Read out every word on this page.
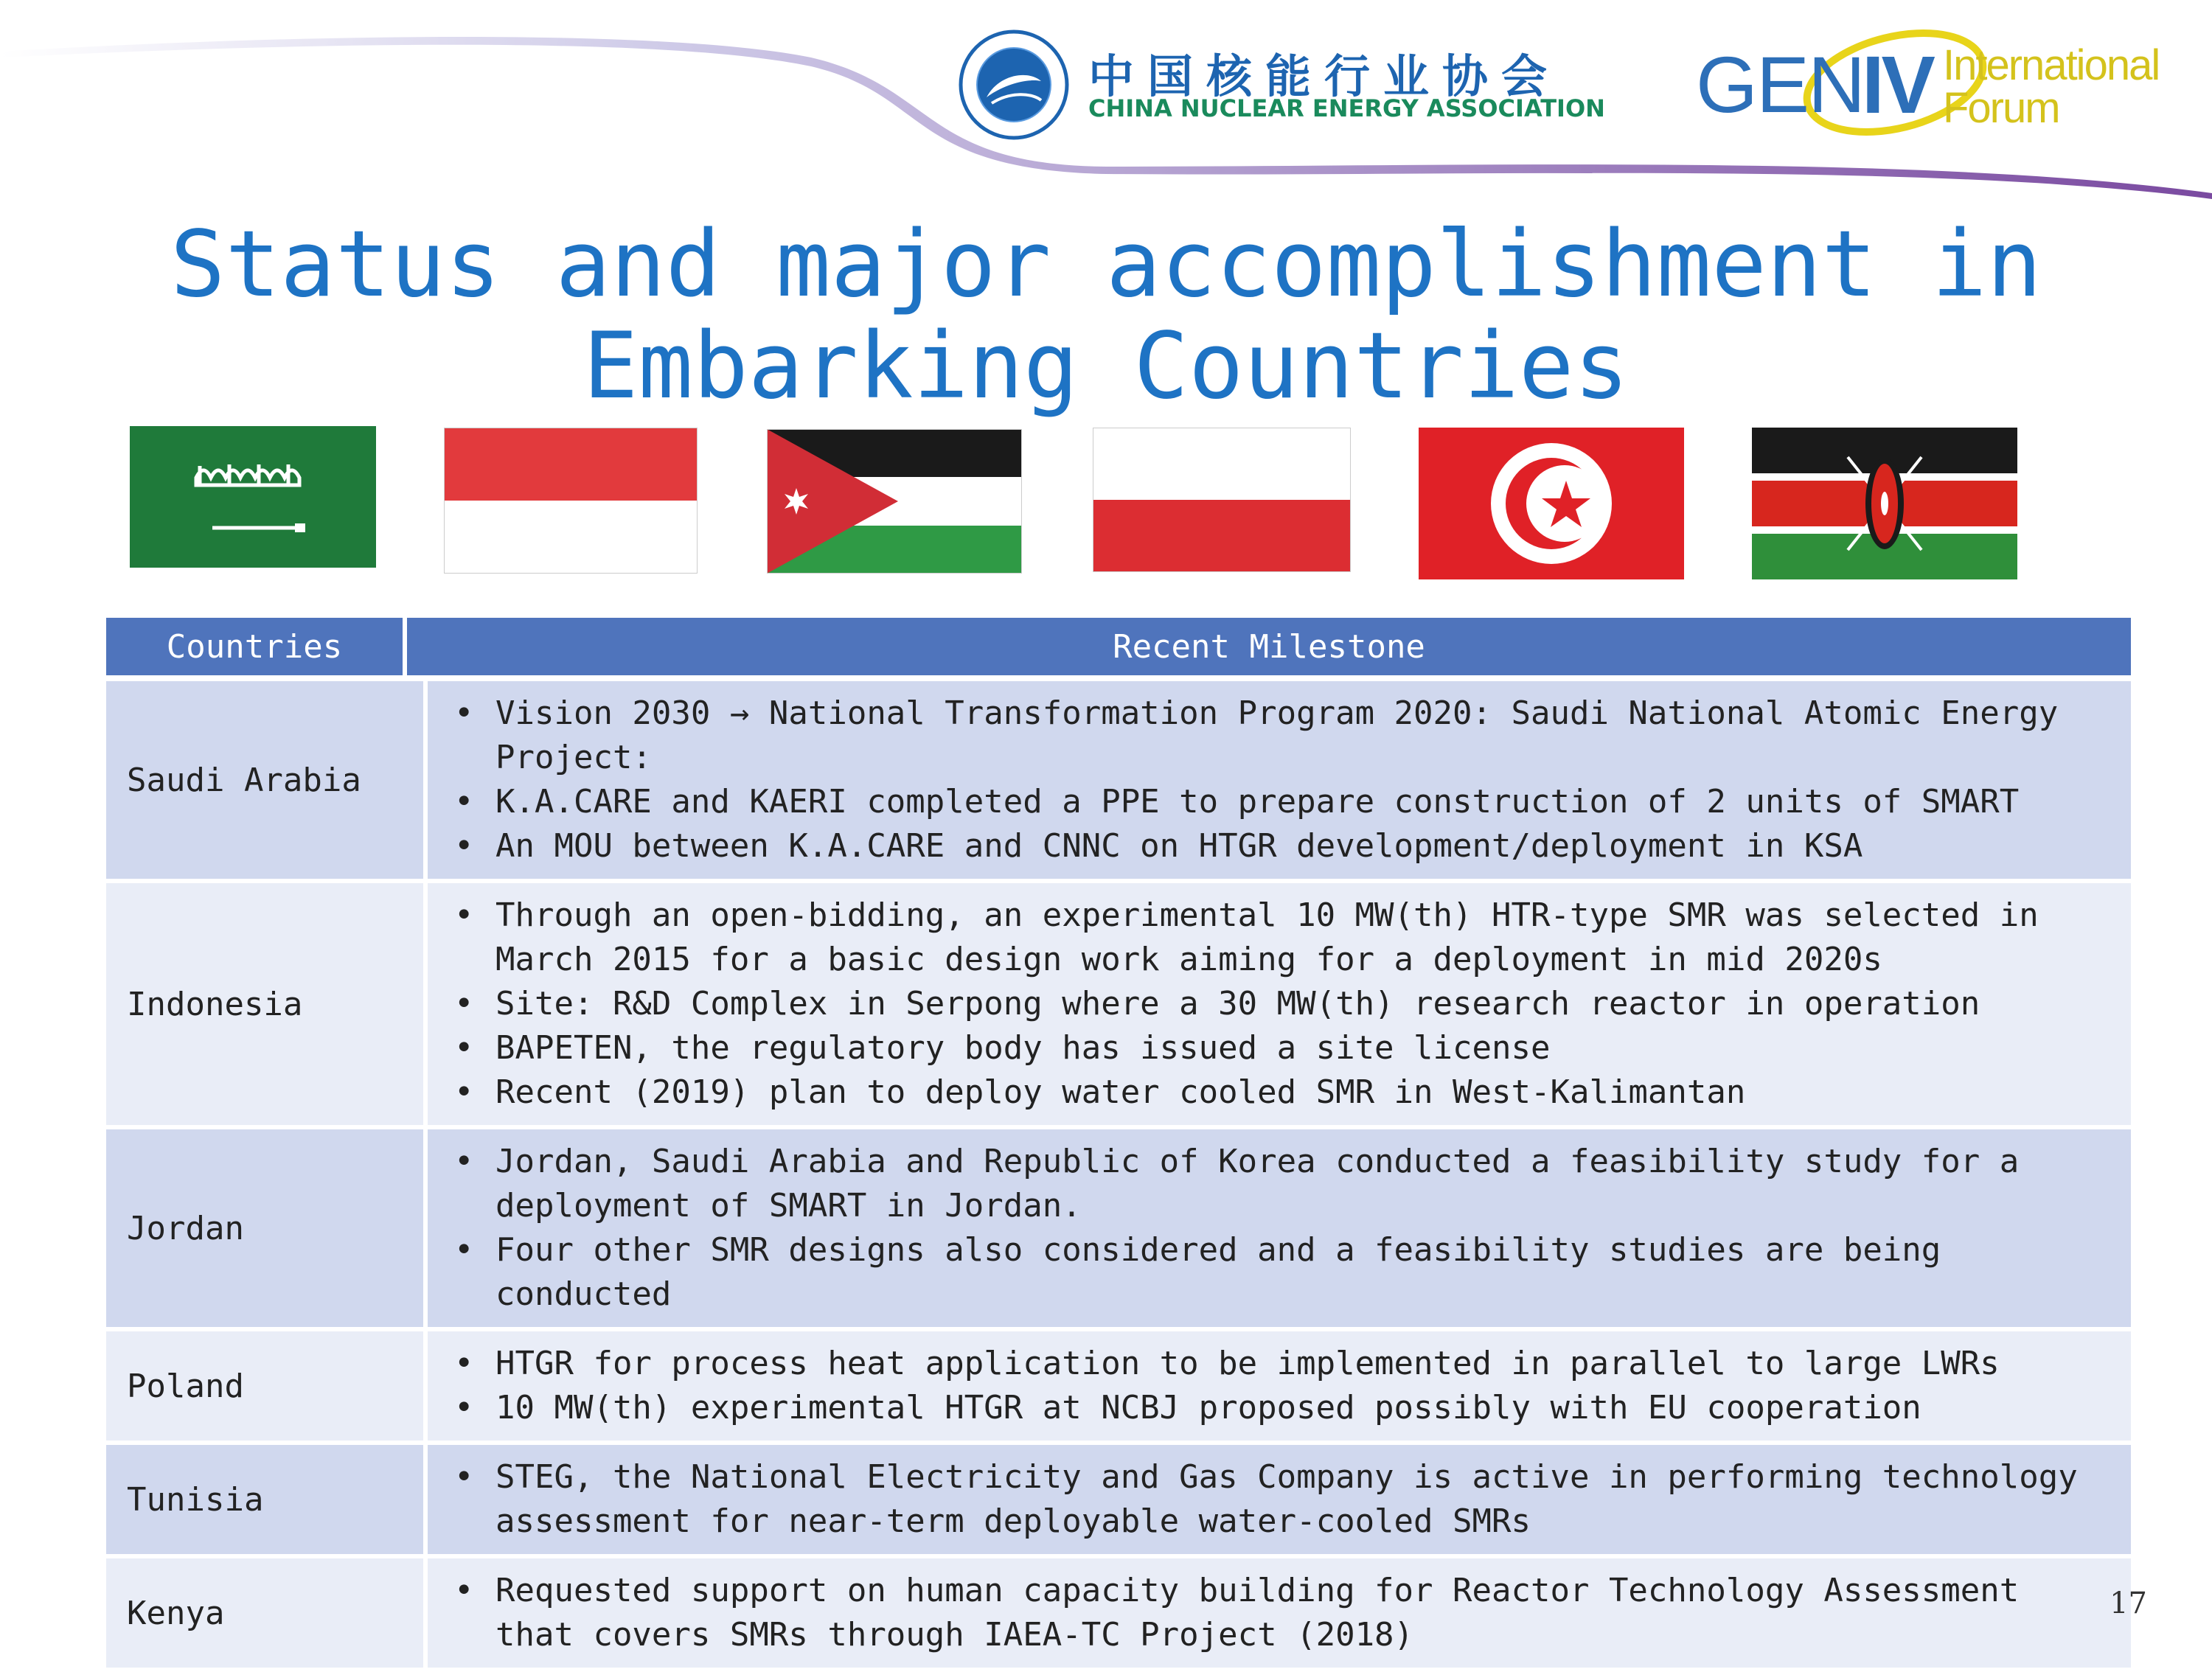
中国核能行业协会
CHINA NUCLEAR ENERGY ASSOCIATION GEN
IV International
Forum
Status and major accomplishment in
Embarking Countries
Countries	Recent Milestone
Saudi Arabia
• Vision 2030 → National Transformation Program 2020: Saudi National Atomic Energy Project:
• K.A.CARE and KAERI completed a PPE to prepare construction of 2 units of SMART
• An MOU between K.A.CARE and CNNC on HTGR development/deployment in KSA
Indonesia
• Through an open-bidding, an experimental 10 MW(th) HTR-type SMR was selected in March 2015 for a basic design work aiming for a deployment in mid 2020s
• Site: R&D Complex in Serpong where a 30 MW(th) research reactor in operation
• BAPETEN, the regulatory body has issued a site license
• Recent (2019) plan to deploy water cooled SMR in West-Kalimantan
Jordan
• Jordan, Saudi Arabia and Republic of Korea conducted a feasibility study for a deployment of SMART in Jordan.
• Four other SMR designs also considered and a feasibility studies are being conducted
Poland
• HTGR for process heat application to be implemented in parallel to large LWRs
• 10 MW(th) experimental HTGR at NCBJ proposed possibly with EU cooperation
Tunisia
• STEG, the National Electricity and Gas Company is active in performing technology assessment for near-term deployable water-cooled SMRs
Kenya
• Requested support on human capacity building for Reactor Technology Assessment that covers SMRs through IAEA-TC Project (2018)
17
